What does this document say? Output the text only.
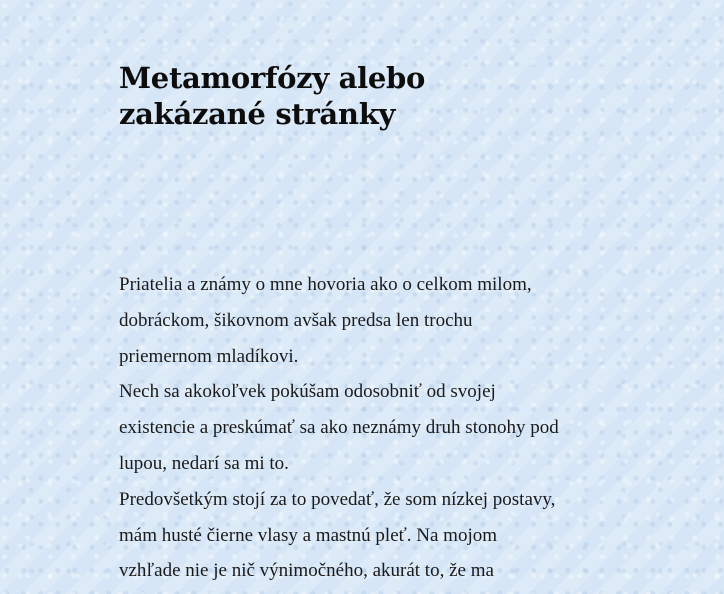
Metamorfózy alebo
zakázané stránky
Priatelia a známy o mne hovoria ako o celkom milom,
dobráckom, šikovnom avšak predsa len trochu
priemernom mladíkovi.
Nech sa akokoľvek pokúšam odosobniť od svojej
existencie a preskúmať sa ako neznámy druh stonohy pod
lupou, nedarí sa mi to.
Predovšetkým stojí za to povedať, že som nízkej postavy,
mám husté čierne vlasy a mastnú pleť. Na mojom
vzhľade nie je nič výnimočného, akurát to, že ma
